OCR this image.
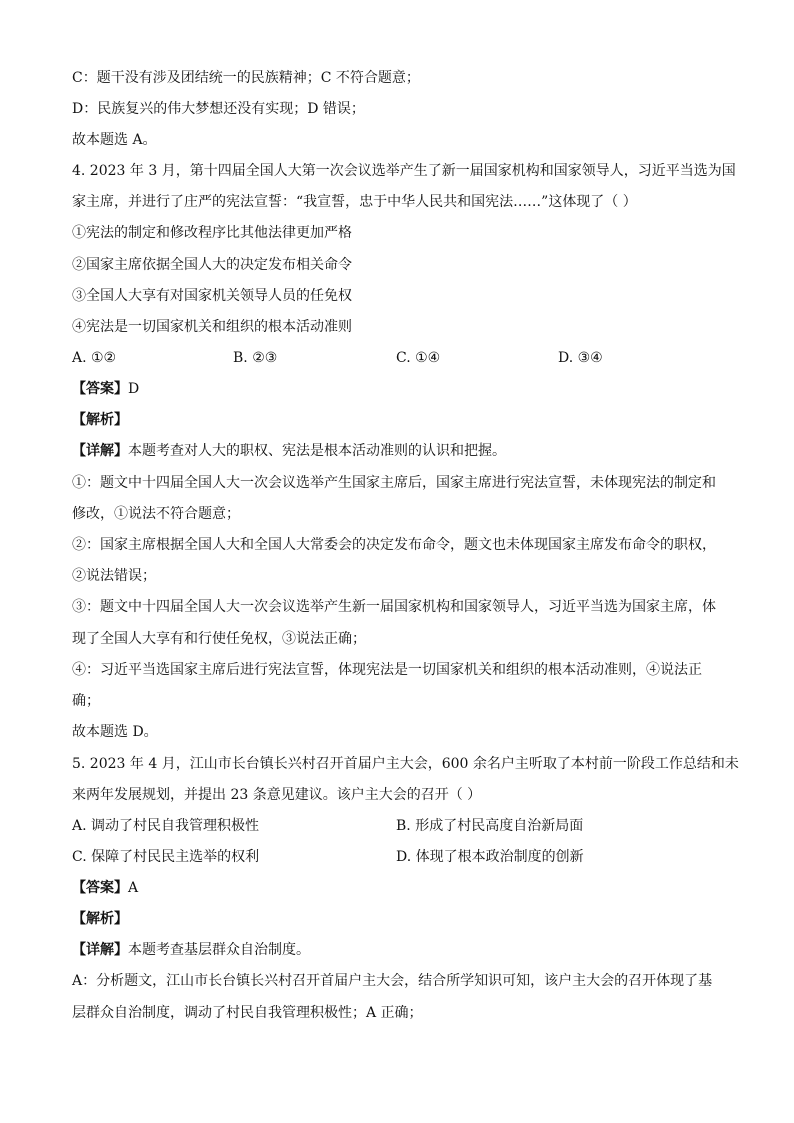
C：题干没有涉及团结统一的民族精神；C 不符合题意；
D：民族复兴的伟大梦想还没有实现；D 错误；
故本题选 A。
4. 2023 年 3 月，第十四届全国人大第一次会议选举产生了新一届国家机构和国家领导人，习近平当选为国
家主席，并进行了庄严的宪法宣誓：“我宣誓，忠于中华人民共和国宪法……”这体现了（ ）
①宪法的制定和修改程序比其他法律更加严格
②国家主席依据全国人大的决定发布相关命令
③全国人大享有对国家机关领导人员的任免权
④宪法是一切国家机关和组织的根本活动准则
A. ①②	B. ②③	C. ①④	D. ③④
【答案】D
【解析】
【详解】本题考查对人大的职权、宪法是根本活动准则的认识和把握。
①：题文中十四届全国人大一次会议选举产生国家主席后，国家主席进行宪法宣誓，未体现宪法的制定和
修改，①说法不符合题意；
②：国家主席根据全国人大和全国人大常委会的决定发布命令，题文也未体现国家主席发布命令的职权，
②说法错误；
③：题文中十四届全国人大一次会议选举产生新一届国家机构和国家领导人，习近平当选为国家主席，体
现了全国人大享有和行使任免权，③说法正确；
④：习近平当选国家主席后进行宪法宣誓，体现宪法是一切国家机关和组织的根本活动准则，④说法正
确；
故本题选 D。
5. 2023 年 4 月，江山市长台镇长兴村召开首届户主大会，600 余名户主听取了本村前一阶段工作总结和未
来两年发展规划，并提出 23 条意见建议。该户主大会的召开（ ）
A. 调动了村民自我管理积极性	B. 形成了村民高度自治新局面
C. 保障了村民民主选举的权利	D. 体现了根本政治制度的创新
【答案】A
【解析】
【详解】本题考查基层群众自治制度。
A：分析题文，江山市长台镇长兴村召开首届户主大会，结合所学知识可知，该户主大会的召开体现了基
层群众自治制度，调动了村民自我管理积极性；A 正确；
